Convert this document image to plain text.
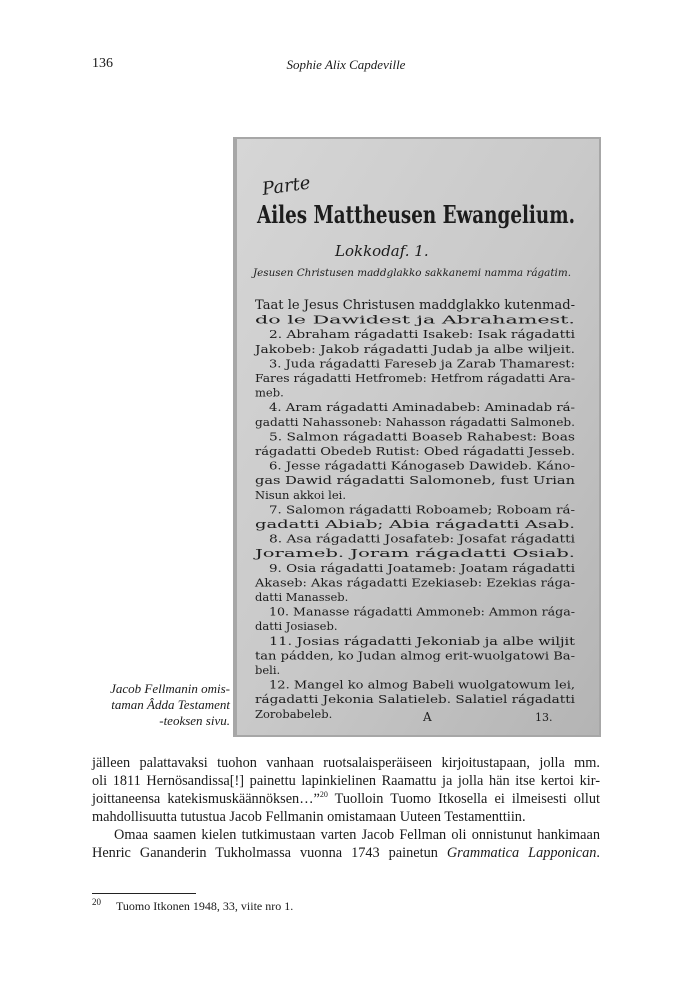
136	Sophie Alix Capdeville
Parte
Ailes Mattheusen Ewangelium.
Lokkodaf. 1.
Jesusen Christusen maddglakko sakkanemi namma rágatim.
Taat le Jesus Christusen maddglakko kutenmad-
do le Dawidest ja Abrahamest.
2. Abraham rágadatti Isakeb: Isak rágadatti
Jakobeb: Jakob rágadatti Judab ja albe wiljeit.
3. Juda rágadatti Fareseb ja Zarab Thamarest:
Fares rágadatti Hetfromeb: Hetfrom rágadatti Ara-
meb.
4. Aram rágadatti Aminadabeb: Aminadab rá-
gadatti Nahassoneb: Nahasson rágadatti Salmoneb.
5. Salmon rágadatti Boaseb Rahabest: Boas
rágadatti Obedeb Rutist: Obed rágadatti Jesseb.
6. Jesse rágadatti Kánogaseb Dawideb. Káno-
gas Dawid rágadatti Salomoneb, fust Urian
Nisun akkoi lei.
7. Salomon rágadatti Roboameb; Roboam rá-
gadatti Abiab; Abia rágadatti Asab.
8. Asa rágadatti Josafateb: Josafat rágadatti
Jorameb. Joram rágadatti Osiab.
9. Osia rágadatti Joatameb: Joatam rágadatti
Akaseb: Akas rágadatti Ezekiaseb: Ezekias rága-
datti Manasseb.
10. Manasse rágadatti Ammoneb: Ammon rága-
datti Josiaseb.
11. Josias rágadatti Jekoniab ja albe wiljit
tan pádden, ko Judan almog erit-wuolgatowi Ba-
beli.
12. Mangel ko almog Babeli wuolgatowum lei,
rágadatti Jekonia Salatieleb. Salatiel rágadatti
Zorobabeleb.	A	13.
Jacob Fellmanin omis-
taman Âdda Testament
-teoksen sivu.

jälleen palattavaksi tuohon vanhaan ruotsalaisperäiseen kirjoitustapaan, jolla mm.
oli 1811 Hernösandissa[!] painettu lapinkielinen Raamattu ja jolla hän itse kertoi kir-
joittaneensa katekismuskäännöksen…”$^{20}$ Tuolloin Tuomo Itkosella ei ilmeisesti ollut
mahdollisuutta tutustua Jacob Fellmanin omistamaan Uuteen Testamenttiin.

Omaa saamen kielen tutkimustaan varten Jacob Fellman oli onnistunut hankimaan
Henric Gananderin Tukholmassa vuonna 1743 painetun Grammatica Lapponican.

20 Tuomo Itkonen 1948, 33, viite nro 1.
